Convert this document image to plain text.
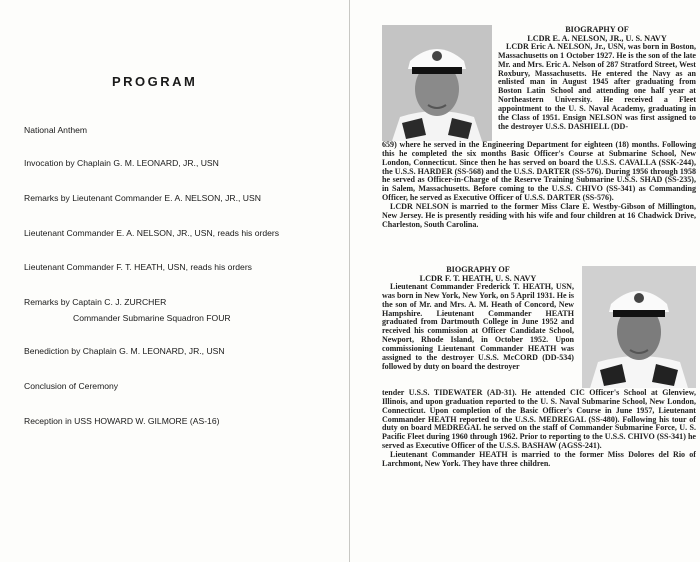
PROGRAM
National Anthem
Invocation by Chaplain G. M. LEONARD, JR., USN
Remarks by Lieutenant Commander E. A. NELSON, JR., USN
Lieutenant Commander E. A. NELSON, JR., USN, reads his orders
Lieutenant Commander F. T. HEATH, USN, reads his orders
Remarks by Captain C. J. ZURCHER
Commander Submarine Squadron FOUR
Benediction by Chaplain G. M. LEONARD, JR., USN
Conclusion of Ceremony
Reception in USS HOWARD W. GILMORE (AS-16)
BIOGRAPHY OF
LCDR E. A. NELSON, JR., U. S. NAVY

LCDR Eric A. NELSON, Jr., USN, was born in Boston, Massachusetts on 1 October 1927. He is the son of the late Mr. and Mrs. Eric A. Nelson of 287 Stratford Street, West Roxbury, Massachusetts. He entered the Navy as an enlisted man in August 1945 after graduating from Boston Latin School and attending one half year at Northeastern University. He received a Fleet appointment to the U. S. Naval Academy, graduating in the Class of 1951. Ensign NELSON was first assigned to the destroyer U.S.S. DASHIELL (DD-

659) where he served in the Engineering Department for eighteen (18) months. Following this he completed the six months Basic Officer's Course at Submarine School, New London, Connecticut. Since then he has served on board the U.S.S. CAVALLA (SSK-244), the U.S.S. HARDER (SS-568) and the U.S.S. DARTER (SS-576). During 1956 through 1958 he served as Officer-in-Charge of the Reserve Training Submarine U.S.S. SHAD (SS-235), in Salem, Massachusetts. Before coming to the U.S.S. CHIVO (SS-341) as Commanding Officer, he served as Executive Officer of U.S.S. DARTER (SS-576).

LCDR NELSON is married to the former Miss Clare E. Westby-Gibson of Millington, New Jersey. He is presently residing with his wife and four children at 16 Chadwick Drive, Charleston, South Carolina.

BIOGRAPHY OF
LCDR F. T. HEATH, U. S. NAVY

Lieutenant Commander Frederick T. HEATH, USN, was born in New York, New York, on 5 April 1931. He is the son of Mr. and Mrs. A. M. Heath of Concord, New Hampshire. Lieutenant Commander HEATH graduated from Dartmouth College in June 1952 and received his commission at Officer Candidate School, Newport, Rhode Island, in October 1952. Upon commissioning Lieutenant Commander HEATH was assigned to the destroyer U.S.S. McCORD (DD-534) followed by duty on board the destroyer

tender U.S.S. TIDEWATER (AD-31). He attended CIC Officer's School at Glenview, Illinois, and upon graduation reported to the U. S. Naval Submarine School, New London, Connecticut. Upon completion of the Basic Officer's Course in June 1957, Lieutenant Commander HEATH reported to the U.S.S. MEDREGAL (SS-480). Following his tour of duty on board MEDREGAL he served on the staff of Commander Submarine Force, U. S. Pacific Fleet during 1960 through 1962. Prior to reporting to the U.S.S. CHIVO (SS-341) he served as Executive Officer of the U.S.S. BASHAW (AGSS-241).

Lieutenant Commander HEATH is married to the former Miss Dolores del Rio of Larchmont, New York. They have three children.
